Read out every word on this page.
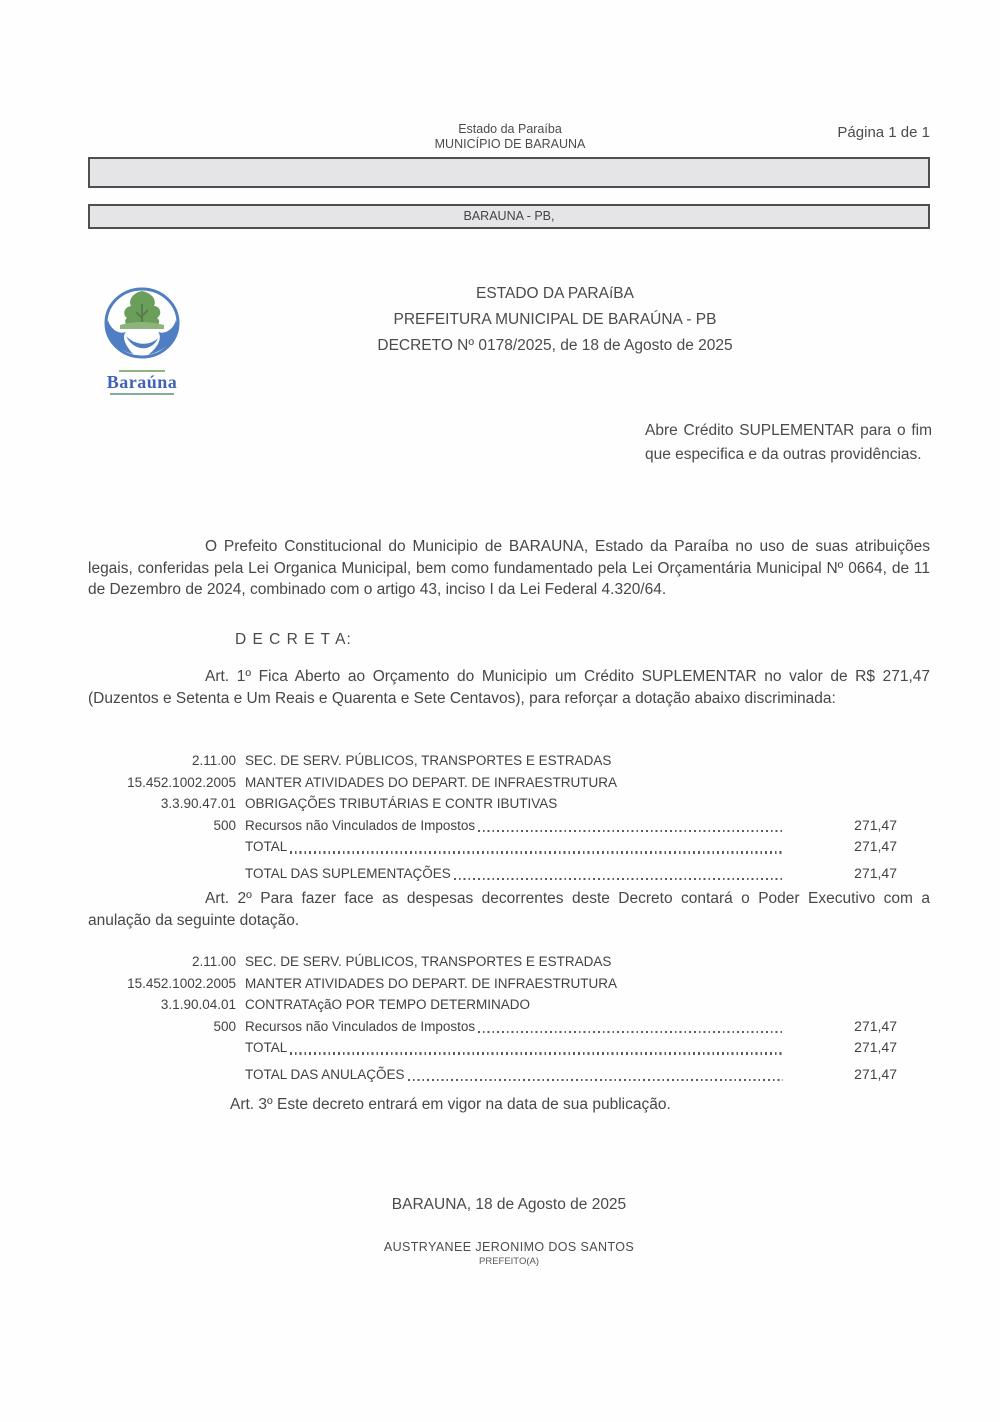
Estado da Paraíba
MUNICÍPIO DE BARAUNA
Página 1 de 1
BARAUNA - PB,
Baraúna
ESTADO DA PARAíBA
PREFEITURA MUNICIPAL DE BARAÚNA - PB
DECRETO Nº 0178/2025, de 18 de Agosto de 2025
Abre Crédito SUPLEMENTAR para o fim que especifica e da outras providências.
O Prefeito Constitucional do Municipio de BARAUNA, Estado da Paraíba no uso de suas atribuições legais, conferidas pela Lei Organica Municipal, bem como fundamentado pela Lei Orçamentária Municipal Nº 0664, de 11 de Dezembro de 2024, combinado com o artigo 43, inciso I da Lei Federal 4.320/64.
D E C R E T A:
Art. 1º Fica Aberto ao Orçamento do Municipio um Crédito SUPLEMENTAR no valor de R$ 271,47 (Duzentos e Setenta e Um Reais e Quarenta e Sete Centavos), para reforçar a dotação abaixo discriminada:
2.11.00 SEC. DE SERV. PÚBLICOS, TRANSPORTES E ESTRADAS
15.452.1002.2005 MANTER ATIVIDADES DO DEPART. DE INFRAESTRUTURA
3.3.90.47.01 OBRIGAÇÕES TRIBUTÁRIAS E CONTR IBUTIVAS
500 Recursos não Vinculados de Impostos	271,47
TOTAL	271,47
TOTAL DAS SUPLEMENTAÇÕES	271,47
Art. 2º Para fazer face as despesas decorrentes deste Decreto contará o Poder Executivo com a anulação da seguinte dotação.
2.11.00 SEC. DE SERV. PÚBLICOS, TRANSPORTES E ESTRADAS
15.452.1002.2005 MANTER ATIVIDADES DO DEPART. DE INFRAESTRUTURA
3.1.90.04.01 CONTRATAçãO POR TEMPO DETERMINADO
500 Recursos não Vinculados de Impostos	271,47
TOTAL	271,47
TOTAL DAS ANULAÇÕES	271,47
Art. 3º Este decreto entrará em vigor na data de sua publicação.
BARAUNA, 18 de Agosto de 2025
AUSTRYANEE JERONIMO DOS SANTOS
PREFEITO(A)
